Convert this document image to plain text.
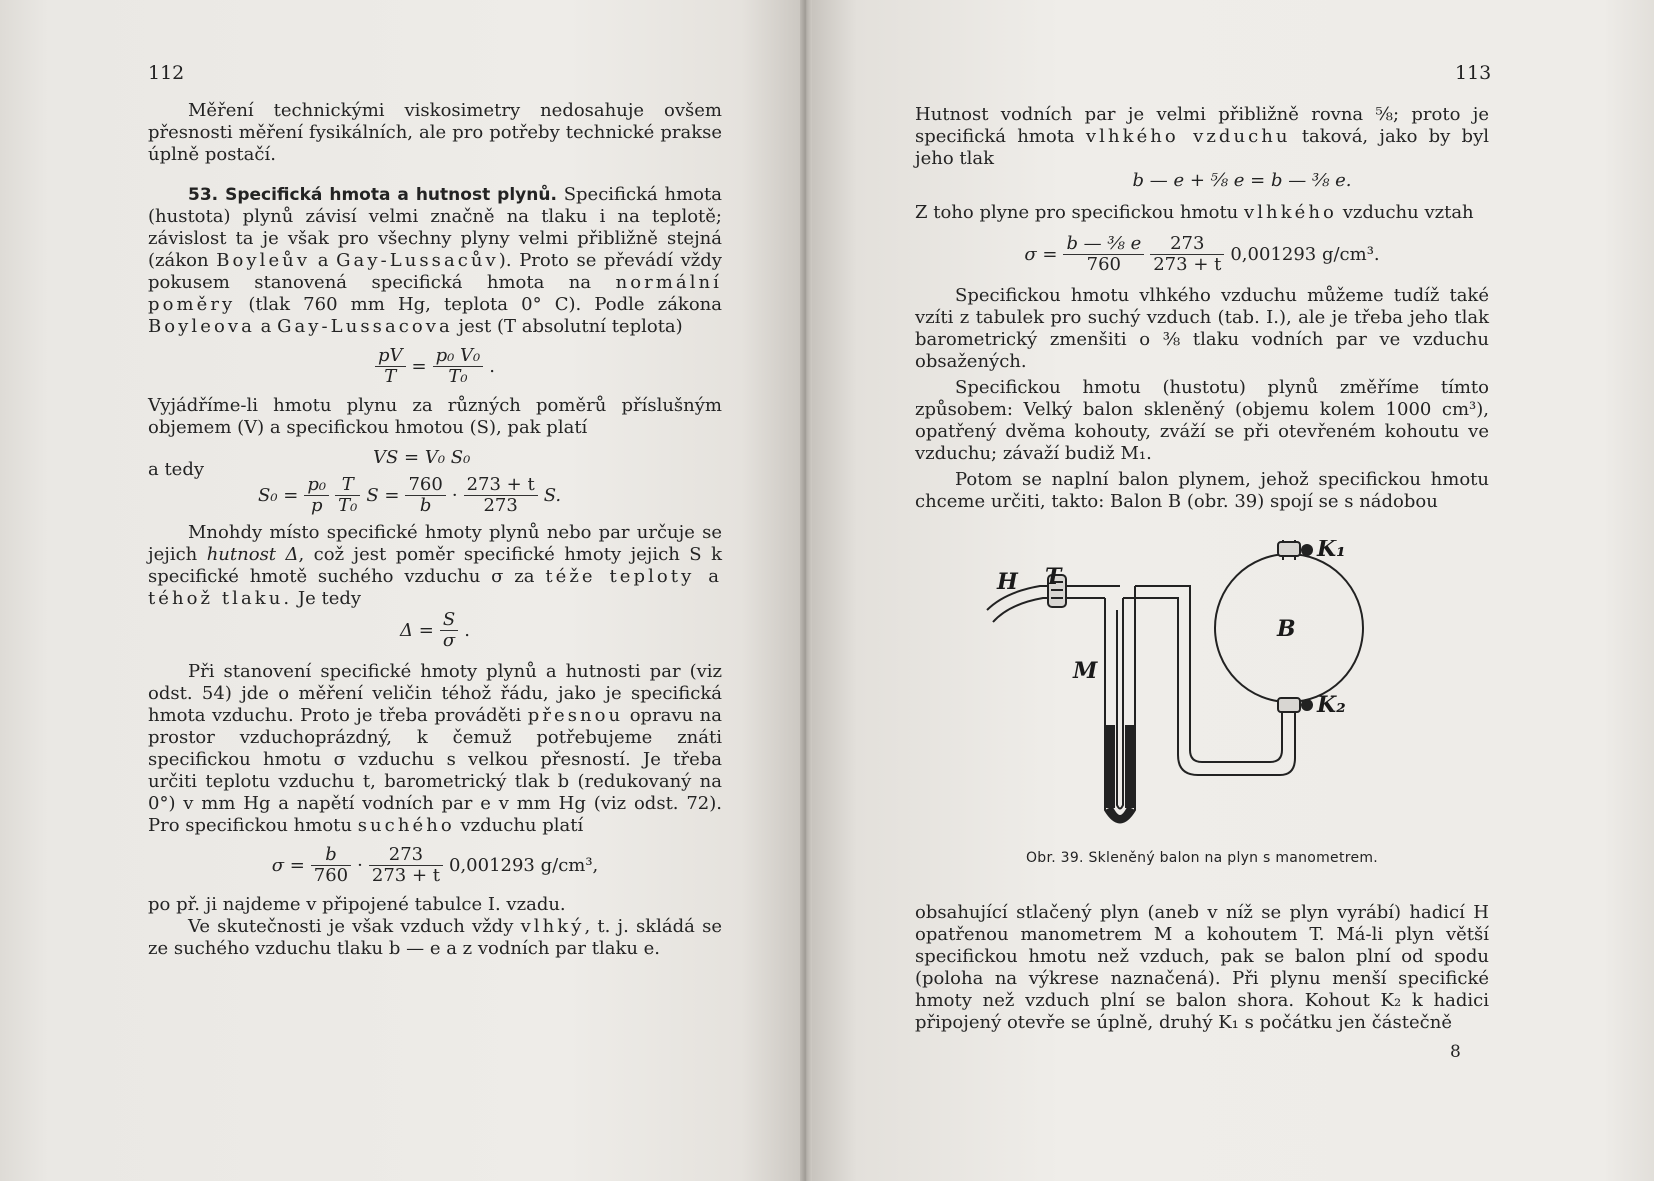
112

Měření technickými viskosimetry nedosahuje ovšem přesnosti měření fysikálních, ale pro potřeby technické prakse úplně postačí.

53. Specifická hmota a hutnost plynů. Specifická hmota (hustota) plynů závisí velmi značně na tlaku i na teplotě; závislost ta je však pro všechny plyny velmi přibližně stejná (zákon Boyleův a Gay-Lussacův). Proto se převádí vždy pokusem stanovená specifická hmota na normální poměry (tlak 760 mm Hg, teplota 0° C). Podle zákona Boyleova a Gay-Lussacova jest (T absolutní teplota)

$\frac{pV}{T} = \frac{\text{p₀ V₀}}{\text{T₀}}$ .

Vyjádříme-li hmotu plynu za různých poměrů příslušným objemem (V) a specifickou hmotou (S), pak platí

VS = V₀ S₀
a tedy
$S_0 = \frac{\text{p₀}}{p} \frac{T}{\text{T₀}}$ $S = \frac{760}{b} \cdot \frac{273 + t}{273} S$.

Mnohdy místo specifické hmoty plynů nebo par určuje se jejich hutnost Δ, což jest poměr specifické hmoty jejich S k specifické hmotě suchého vzduchu σ za téže teploty a téhož tlaku. Je tedy

$\Delta = \frac{S}{\sigma}$ .

Při stanovení specifické hmoty plynů a hutnosti par (viz odst. 54) jde o měření veličin téhož řádu, jako je specifická hmota vzduchu. Proto je třeba prováděti přesnou opravu na prostor vzduchoprázdný, k čemuž potřebujeme znáti specifickou hmotu σ vzduchu s velkou přesností. Je třeba určiti teplotu vzduchu t, barometrický tlak b (redukovaný na 0°) v mm Hg a napětí vodních par e v mm Hg (viz odst. 72). Pro specifickou hmotu suchého vzduchu platí

$\sigma = \frac{b}{760} \cdot \frac{273}{273 + t} 0,001293$ g/cm³,

po př. ji najdeme v připojené tabulce I. vzadu.

Ve skutečnosti je však vzduch vždy vlhký, t. j. skládá se ze suchého vzduchu tlaku b — e a z vodních par tlaku e.

113

Hutnost vodních par je velmi přibližně rovna ⅝; proto je specifická hmota vlhkého vzduchu taková, jako by byl jeho tlak

b — e + ⅝ e = b — ⅜ e.

Z toho plyne pro specifickou hmotu vlhkého vzduchu vztah

$\sigma = \frac{\text{b — ⅜ e}}{760} \frac{273}{273 + t} 0,001293$ g/cm³.

Specifickou hmotu vlhkého vzduchu můžeme tudíž také vzíti z tabulek pro suchý vzduch (tab. I.), ale je třeba jeho tlak barometrický zmenšiti o ⅜ tlaku vodních par ve vzduchu obsažených.

Specifickou hmotu (hustotu) plynů změříme tímto způsobem: Velký balon skleněný (objemu kolem 1000 cm³), opatřený dvěma kohouty, zváží se při otevřeném kohoutu ve vzduchu; závaží budiž M₁.

Potom se naplní balon plynem, jehož specifickou hmotu chceme určiti, takto: Balon B (obr. 39) spojí se s nádobou

H T
M
B
K₁
K₂
Obr. 39. Skleněný balon na plyn s manometrem.

obsahující stlačený plyn (aneb v níž se plyn vyrábí) hadicí H opatřenou manometrem M a kohoutem T. Má-li plyn větší specifickou hmotu než vzduch, pak se balon plní od spodu (poloha na výkrese naznačená). Při plynu menší specifické hmoty než vzduch plní se balon shora. Kohout K₂ k hadici připojený otevře se úplně, druhý K₁ s počátku jen částečně

8
